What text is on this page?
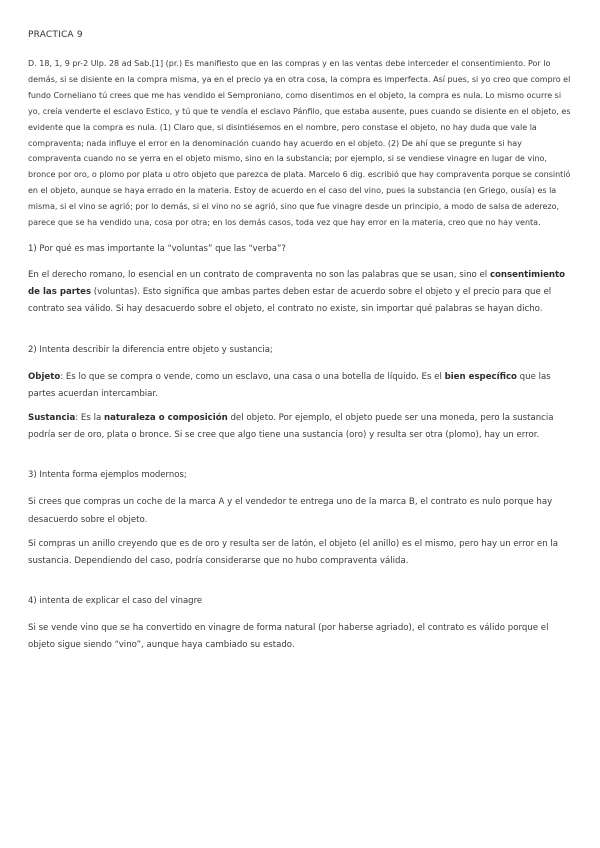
PRACTICA 9

D. 18, 1, 9 pr-2 Ulp. 28 ad Sab.[1] (pr.) Es manifiesto que en las compras y en las ventas debe interceder el consentimiento. Por lo demás, si se disiente en la compra misma, ya en el precio ya en otra cosa, la compra es imperfecta. Así pues, si yo creo que compro el fundo Corneliano tú crees que me has vendido el Semproniano, como disentimos en el objeto, la compra es nula. Lo mismo ocurre si yo, creía venderte el esclavo Estico, y tú que te vendía el esclavo Pánfilo, que estaba ausente, pues cuando se disiente en el objeto, es evidente que la compra es nula. (1) Claro que, si disintiésemos en el nombre, pero constase el objeto, no hay duda que vale la compraventa; nada influye el error en la denominación cuando hay acuerdo en el objeto. (2) De ahí que se pregunte si hay compraventa cuando no se yerra en el objeto mismo, sino en la substancia; por ejemplo, si se vendiese vinagre en lugar de vino, bronce por oro, o plomo por plata u otro objeto que parezca de plata. Marcelo 6 dig. escribió que hay compraventa porque se consintió en el objeto, aunque se haya errado en la materia. Estoy de acuerdo en el caso del vino, pues la substancia (en Griego, ousía) es la misma, si el vino se agrió; por lo demás, si el vino no se agrió, sino que fue vinagre desde un principio, a modo de salsa de aderezo, parece que se ha vendido una, cosa por otra; en los demás casos, toda vez que hay error en la materia, creo que no hay venta.

1) Por qué es mas importante la “voluntas” que las “verba”?

En el derecho romano, lo esencial en un contrato de compraventa no son las palabras que se usan, sino el consentimiento de las partes (voluntas). Esto significa que ambas partes deben estar de acuerdo sobre el objeto y el precio para que el contrato sea válido. Si hay desacuerdo sobre el objeto, el contrato no existe, sin importar qué palabras se hayan dicho.

2) Intenta describir la diferencia entre objeto y sustancia;

Objeto: Es lo que se compra o vende, como un esclavo, una casa o una botella de líquido. Es el bien específico que las partes acuerdan intercambiar.

Sustancia: Es la naturaleza o composición del objeto. Por ejemplo, el objeto puede ser una moneda, pero la sustancia podría ser de oro, plata o bronce. Si se cree que algo tiene una sustancia (oro) y resulta ser otra (plomo), hay un error.

3) Intenta forma ejemplos modernos;

Si crees que compras un coche de la marca A y el vendedor te entrega uno de la marca B, el contrato es nulo porque hay desacuerdo sobre el objeto.

Si compras un anillo creyendo que es de oro y resulta ser de latón, el objeto (el anillo) es el mismo, pero hay un error en la sustancia. Dependiendo del caso, podría considerarse que no hubo compraventa válida.

4) intenta de explicar el caso del vinagre

Si se vende vino que se ha convertido en vinagre de forma natural (por haberse agriado), el contrato es válido porque el objeto sigue siendo “vino”, aunque haya cambiado su estado.
